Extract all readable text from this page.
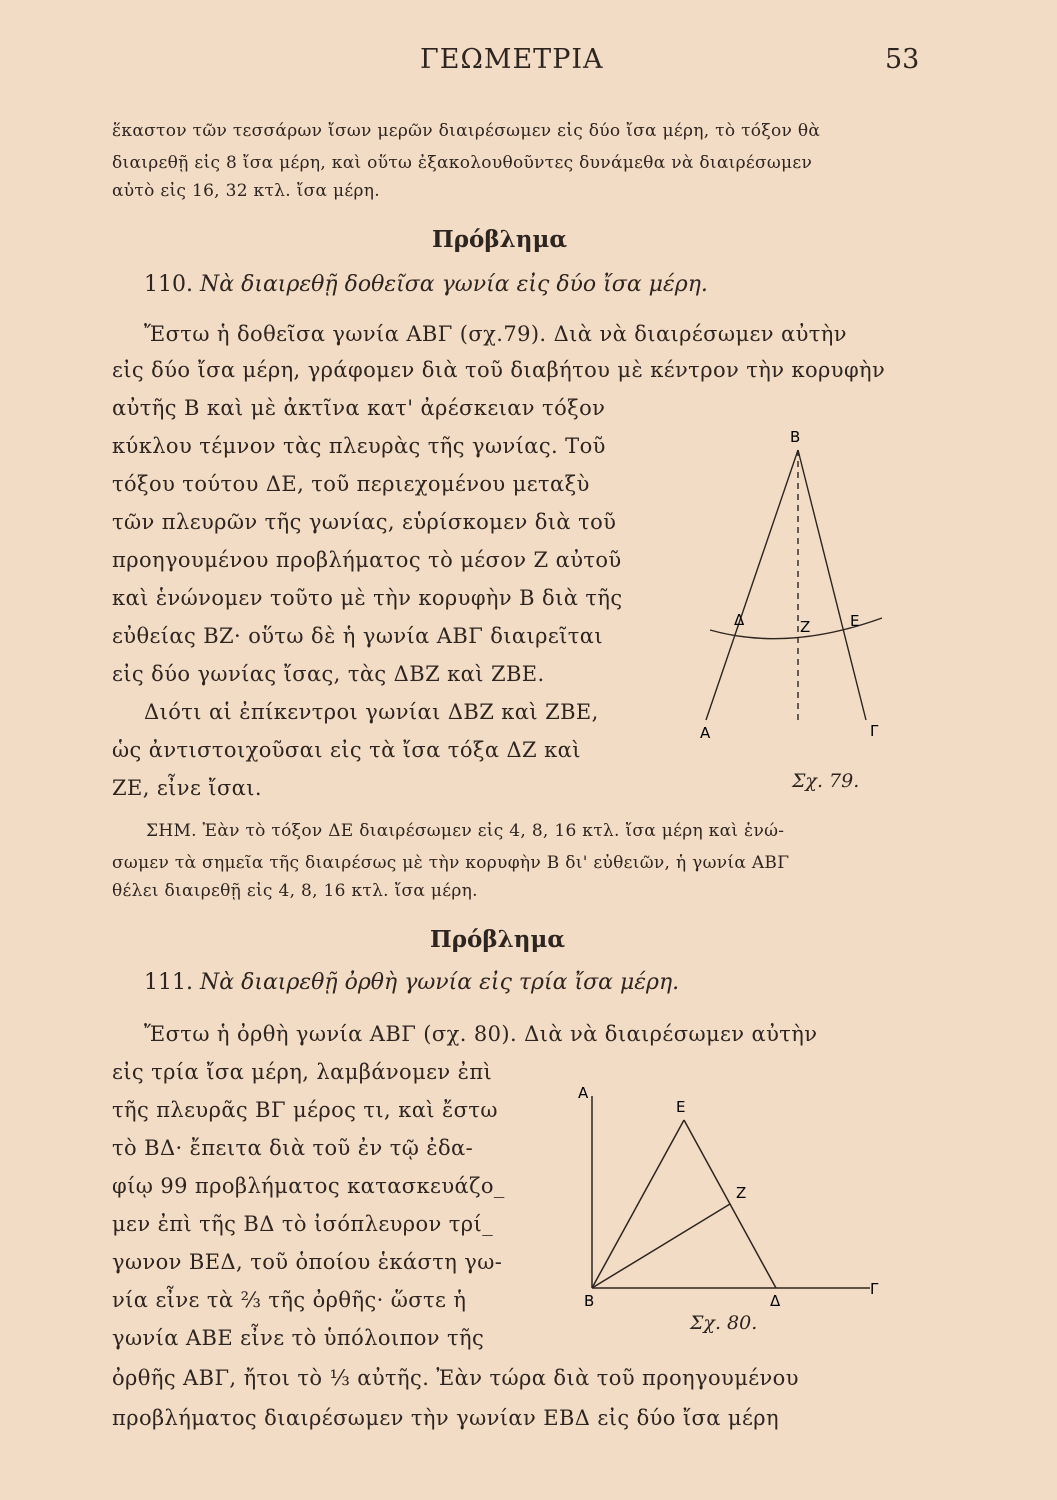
ΓΕΩΜΕΤΡΙΑ	53
ἕκαστον τῶν τεσσάρων ἴσων μερῶν διαιρέσωμεν εἰς δύο ἴσα μέρη, τὸ τόξον θὰ
διαιρεθῇ εἰς 8 ἴσα μέρη, καὶ οὕτω ἐξακολουθοῦντες δυνάμεθα νὰ διαιρέσωμεν
αὐτὸ εἰς 16, 32 κτλ. ἴσα μέρη.
Πρόβλημα
110. Νὰ διαιρεθῇ δοθεῖσα γωνία εἰς δύο ἴσα μέρη.
Ἔστω ἡ δοθεῖσα γωνία ΑΒΓ (σχ.79). Διὰ νὰ διαιρέσωμεν αὐτὴν
εἰς δύο ἴσα μέρη, γράφομεν διὰ τοῦ διαβήτου μὲ κέντρον τὴν κορυφὴν
αὐτῆς Β καὶ μὲ ἀκτῖνα κατ' ἀρέσκειαν τόξον
κύκλου τέμνον τὰς πλευρὰς τῆς γωνίας. Τοῦ
τόξου τούτου ΔΕ, τοῦ περιεχομένου μεταξὺ
τῶν πλευρῶν τῆς γωνίας, εὑρίσκομεν διὰ τοῦ
προηγουμένου προβλήματος τὸ μέσον Ζ αὐτοῦ
καὶ ἑνώνομεν τοῦτο μὲ τὴν κορυφὴν Β διὰ τῆς
εὐθείας ΒΖ· οὕτω δὲ ἡ γωνία ΑΒΓ διαιρεῖται
εἰς δύο γωνίας ἴσας, τὰς ΔΒΖ καὶ ΖΒΕ.
Διότι αἱ ἐπίκεντροι γωνίαι ΔΒΖ καὶ ΖΒΕ,
ὡς ἀντιστοιχοῦσαι εἰς τὰ ἴσα τόξα ΔΖ καὶ
ΖΕ, εἶνε ἴσαι.
B
A
Δ	Z	E
Γ
Σχ. 79.
ΣΗΜ. Ἐὰν τὸ τόξον ΔΕ διαιρέσωμεν εἰς 4, 8, 16 κτλ. ἴσα μέρη καὶ ἑνώ-
σωμεν τὰ σημεῖα τῆς διαιρέσως μὲ τὴν κορυφὴν Β δι' εὐθειῶν, ἡ γωνία ΑΒΓ
θέλει διαιρεθῇ εἰς 4, 8, 16 κτλ. ἴσα μέρη.
Πρόβλημα
111. Νὰ διαιρεθῇ ὀρθὴ γωνία εἰς τρία ἴσα μέρη.
Ἔστω ἡ ὀρθὴ γωνία ΑΒΓ (σχ. 80). Διὰ νὰ διαιρέσωμεν αὐτὴν
εἰς τρία ἴσα μέρη, λαμβάνομεν ἐπὶ
τῆς πλευρᾶς ΒΓ μέρος τι, καὶ ἔστω
τὸ ΒΔ· ἔπειτα διὰ τοῦ ἐν τῷ ἐδα-
φίῳ 99 προβλήματος κατασκευάζο_
μεν ἐπὶ τῆς ΒΔ τὸ ἰσόπλευρον τρί_
γωνον ΒΕΔ, τοῦ ὁποίου ἑκάστη γω-
νία εἶνε τὰ ⅔ τῆς ὀρθῆς· ὥστε ἡ
γωνία ΑΒΕ εἶνε τὸ ὑπόλοιπον τῆς
ὀρθῆς ΑΒΓ, ἤτοι τὸ ⅓ αὐτῆς. Ἐὰν τώρα διὰ τοῦ προηγουμένου
προβλήματος διαιρέσωμεν τὴν γωνίαν ΕΒΔ εἰς δύο ἴσα μέρη
A
E
Z
B	Δ
Γ
Σχ. 80.
